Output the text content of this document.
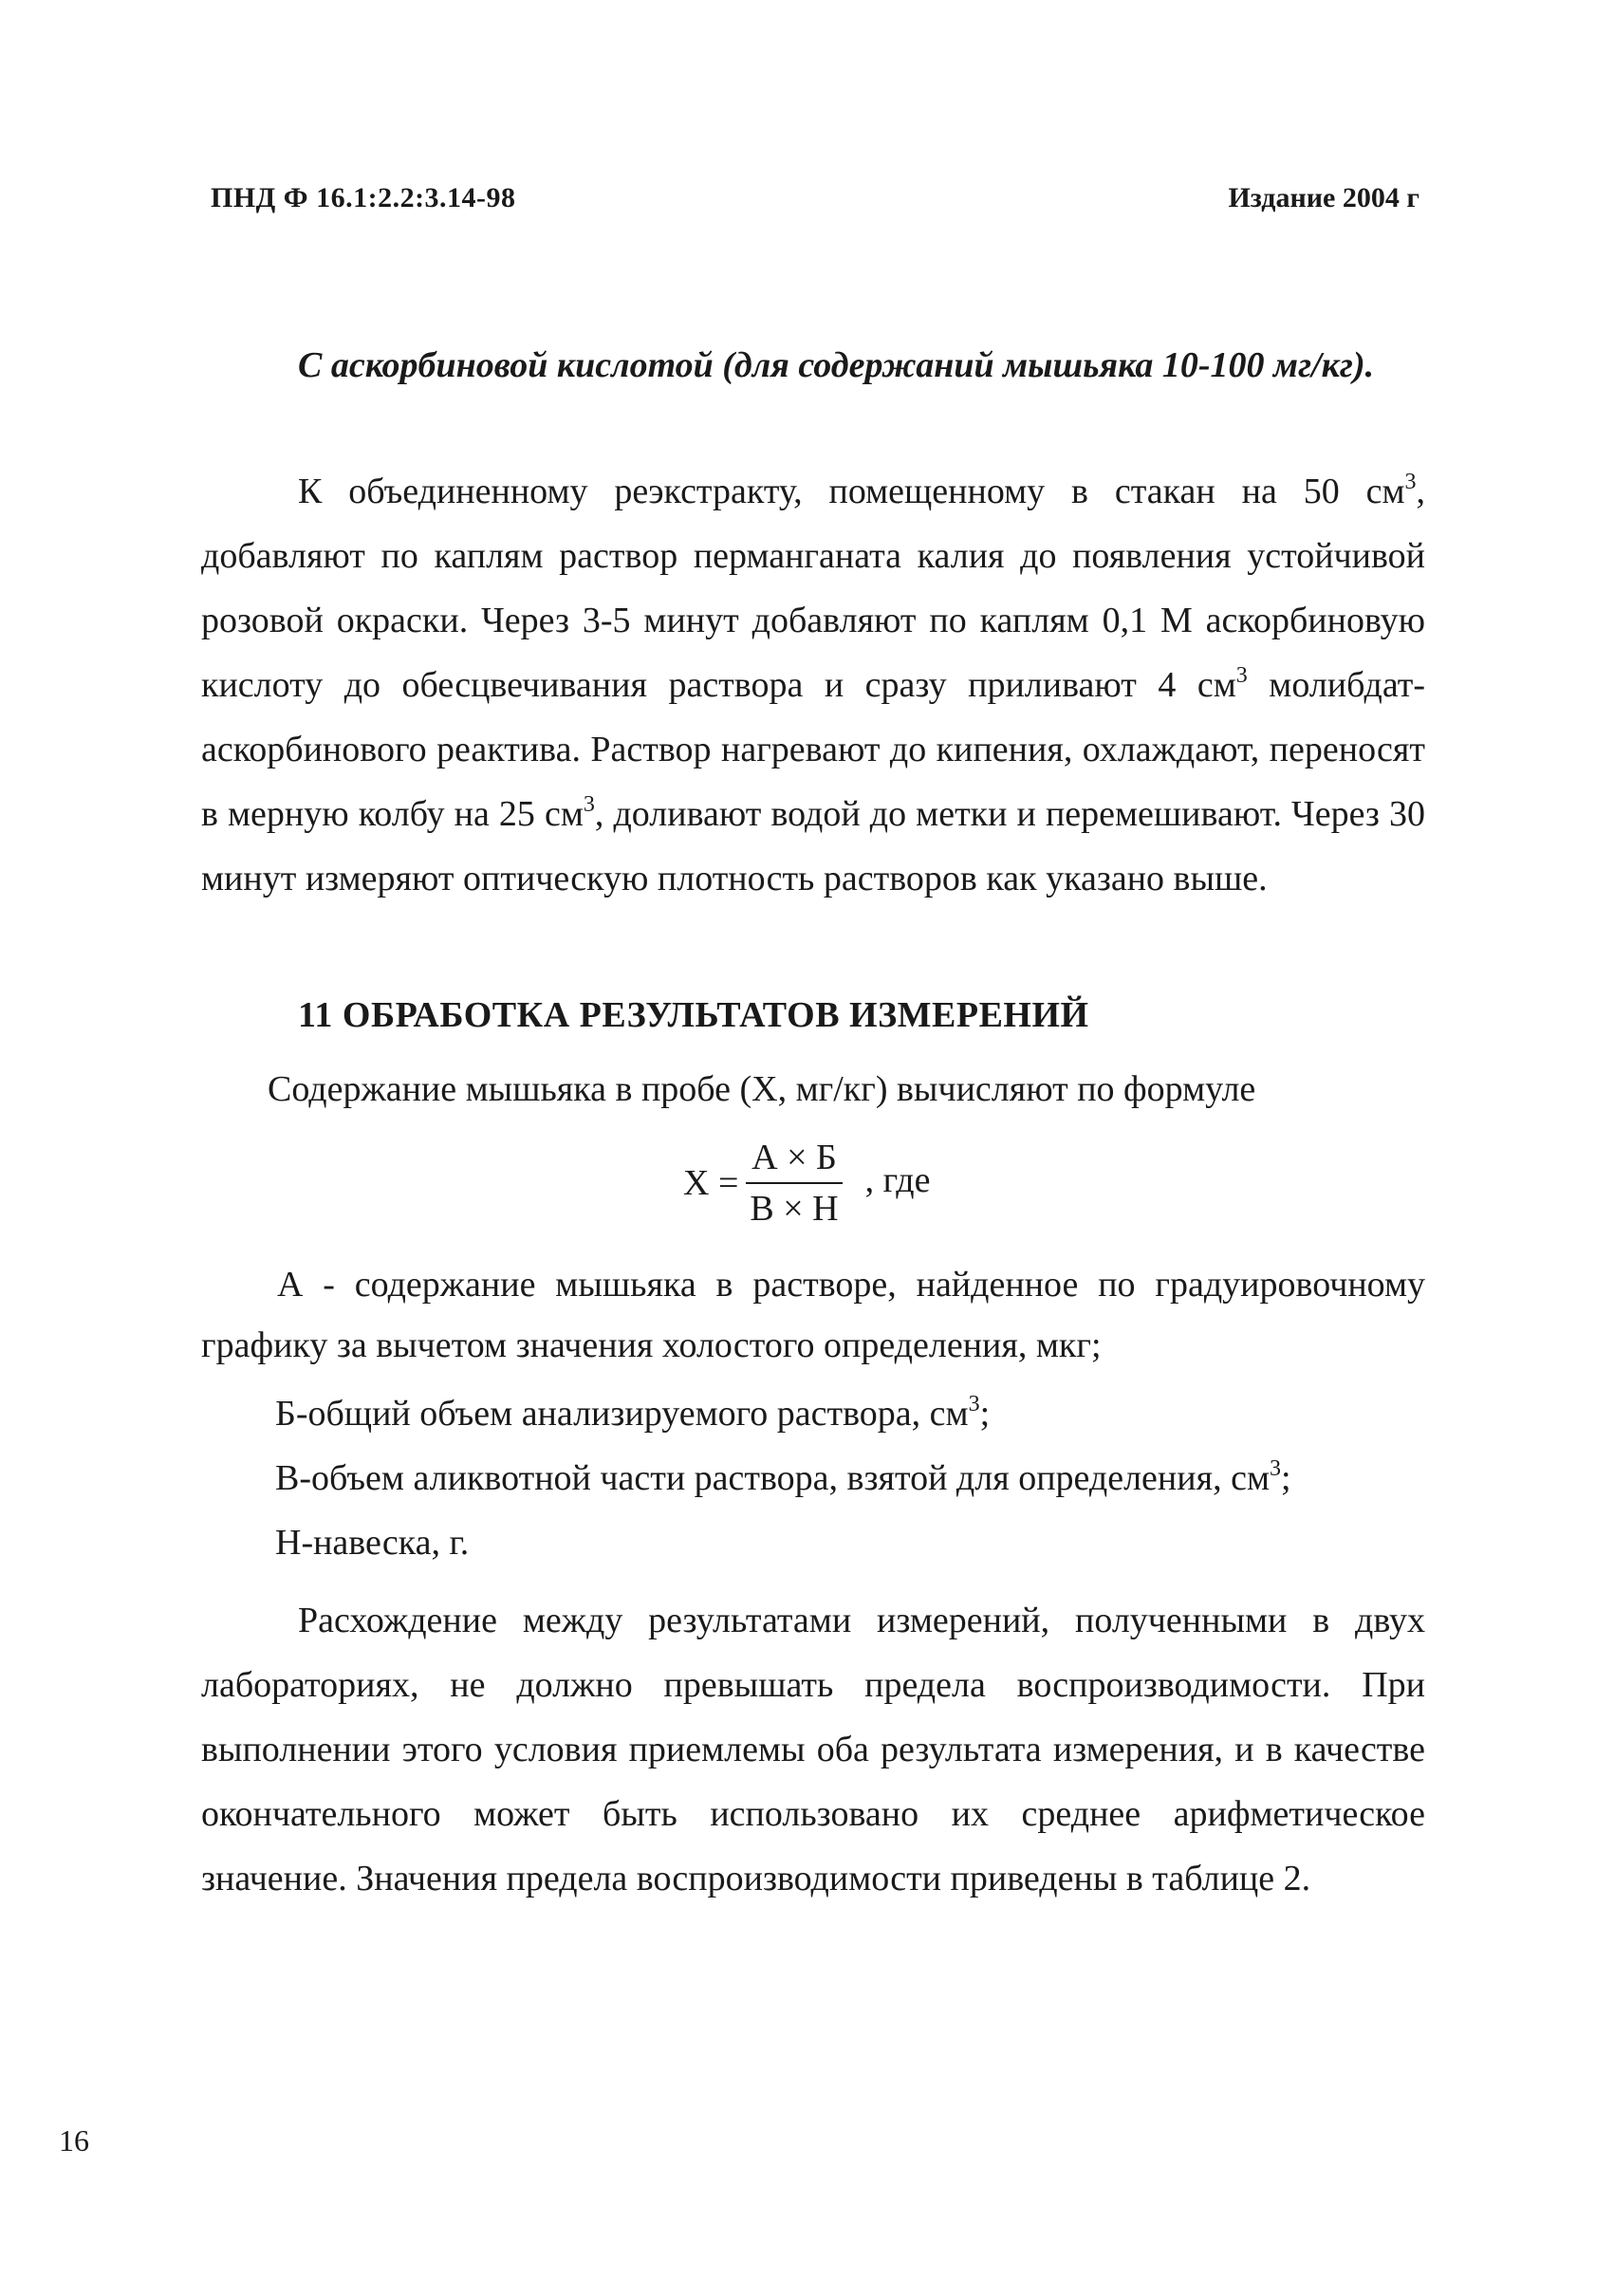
ПНД Ф 16.1:2.2:3.14-98	Издание 2004 г
С аскорбиновой кислотой (для содержаний мышьяка 10-100 мг/кг).
К объединенному реэкстракту, помещенному в стакан на 50 $см^3$, добавляют по каплям раствор перманганата калия до появления устойчивой розовой окраски. Через 3-5 минут добавляют по каплям 0,1 М аскорбиновую кислоту до обесцвечивания раствора и сразу приливают 4 $см^3$ молибдат-аскорбинового реактива. Раствор нагревают до кипения, охлаждают, переносят в мерную колбу на 25 $см^3$, доливают водой до метки и перемешивают. Через 30 минут измеряют оптическую плотность растворов как указано выше.
11 ОБРАБОТКА РЕЗУЛЬТАТОВ ИЗМЕРЕНИЙ
Содержание мышьяка в пробе (Х, мг/кг) вычисляют по формуле
$Х = \frac{А \times Б}{В \times Н}$ , где
А - содержание мышьяка в растворе, найденное по градуировочному графику за вычетом значения холостого определения, мкг;
Б-общий объем анализируемого раствора, $см^3$;
В-объем аликвотной части раствора, взятой для определения, $см^3$;
Н-навеска, г.
Расхождение между результатами измерений, полученными в двух лабораториях, не должно превышать предела воспроизводимости. При выполнении этого условия приемлемы оба результата измерения, и в качестве окончательного может быть использовано их среднее арифметическое значение. Значения предела воспроизводимости приведены в таблице 2.
16
